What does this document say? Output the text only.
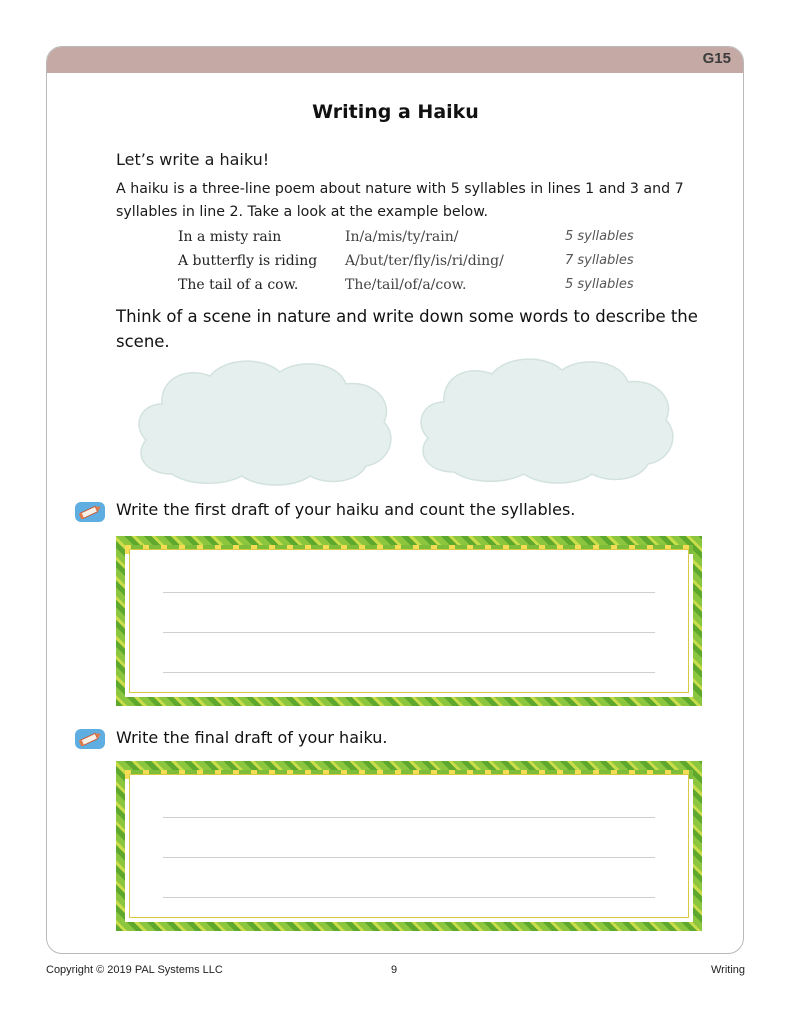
G15
Writing a Haiku
Let’s write a haiku!
A haiku is a three-line poem about nature with 5 syllables in lines 1 and 3 and 7 syllables in line 2. Take a look at the example below.
In a misty rain	In/a/mis/ty/rain/	5 syllables
A butterfly is riding A/but/ter/fly/is/ri/ding/	7 syllables
The tail of a cow.	The/tail/of/a/cow.	5 syllables
Think of a scene in nature and write down some words to describe the scene.
Write the first draft of your haiku and count the syllables.
Write the final draft of your haiku.
Copyright © 2019 PAL Systems LLC	9	Writing
